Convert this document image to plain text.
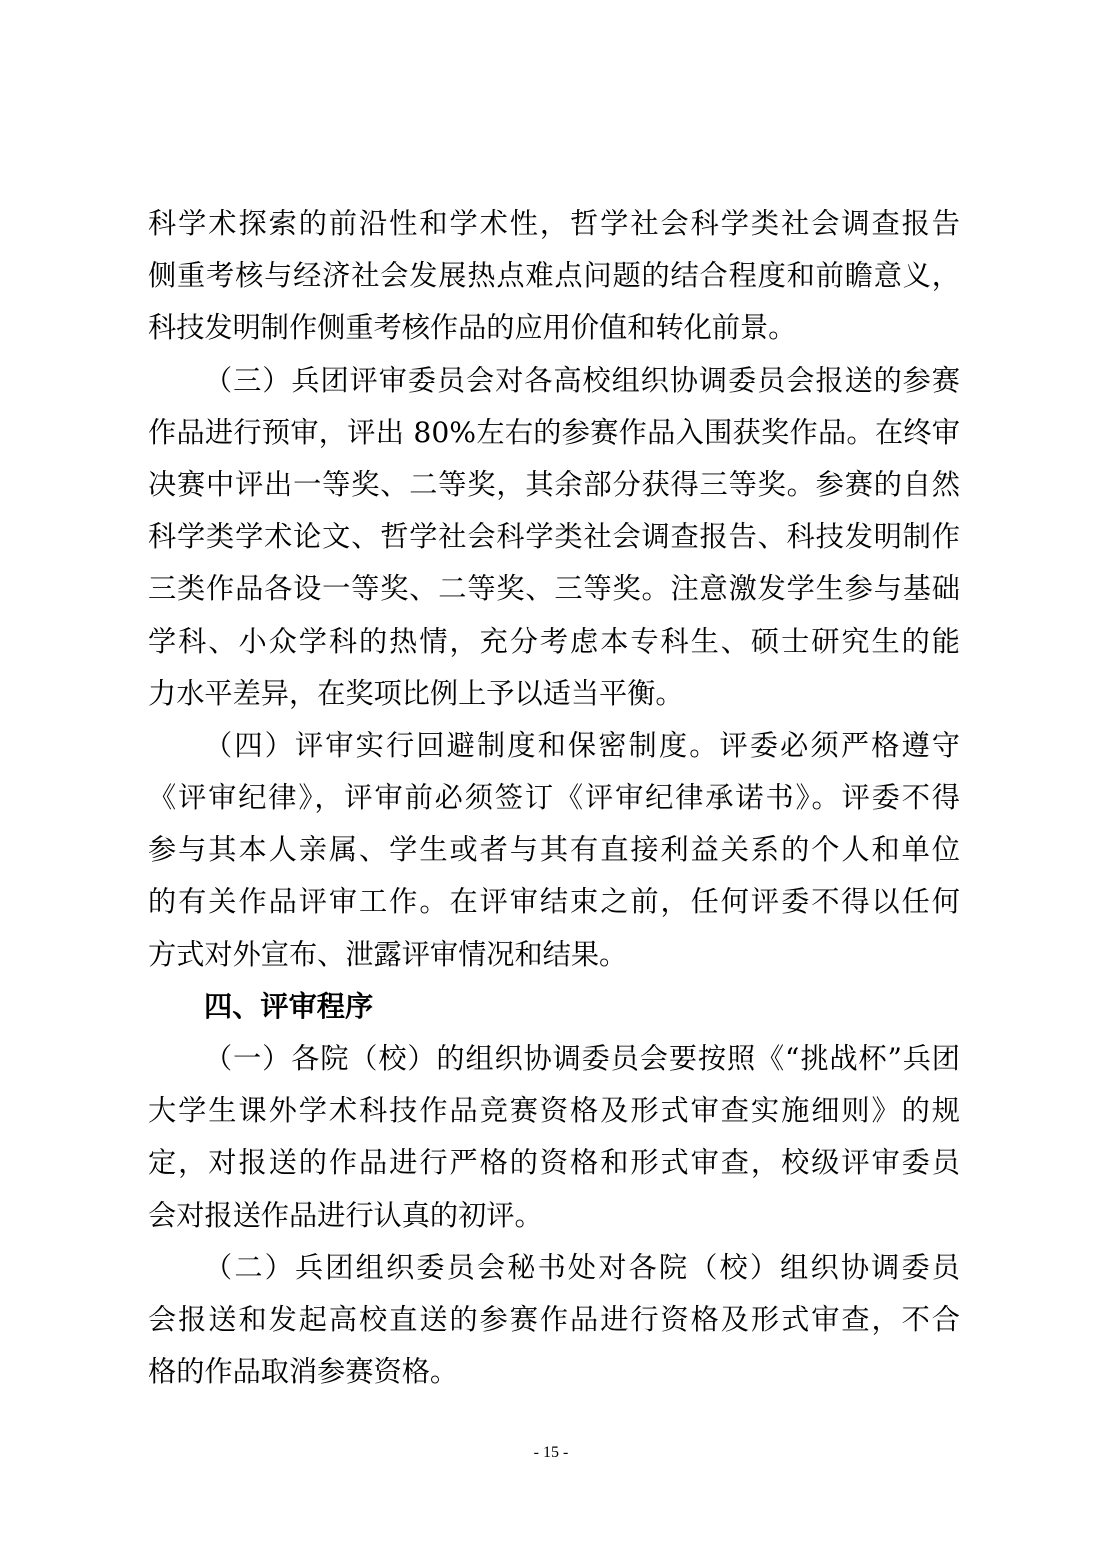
科学术探索的前沿性和学术性，哲学社会科学类社会调查报告
侧重考核与经济社会发展热点难点问题的结合程度和前瞻意义，
科技发明制作侧重考核作品的应用价值和转化前景。
（三）兵团评审委员会对各高校组织协调委员会报送的参赛
作品进行预审，评出 80%左右的参赛作品入围获奖作品。在终审
决赛中评出一等奖、二等奖，其余部分获得三等奖。参赛的自然
科学类学术论文、哲学社会科学类社会调查报告、科技发明制作
三类作品各设一等奖、二等奖、三等奖。注意激发学生参与基础
学科、小众学科的热情，充分考虑本专科生、硕士研究生的能
力水平差异，在奖项比例上予以适当平衡。
（四）评审实行回避制度和保密制度。评委必须严格遵守
《评审纪律》，评审前必须签订《评审纪律承诺书》。评委不得
参与其本人亲属、学生或者与其有直接利益关系的个人和单位
的有关作品评审工作。在评审结束之前，任何评委不得以任何
方式对外宣布、泄露评审情况和结果。
四、评审程序
（一）各院（校）的组织协调委员会要按照《“挑战杯”兵团
大学生课外学术科技作品竞赛资格及形式审查实施细则》的规
定，对报送的作品进行严格的资格和形式审查，校级评审委员
会对报送作品进行认真的初评。
（二）兵团组织委员会秘书处对各院（校）组织协调委员
会报送和发起高校直送的参赛作品进行资格及形式审查，不合
格的作品取消参赛资格。
- 15 -
